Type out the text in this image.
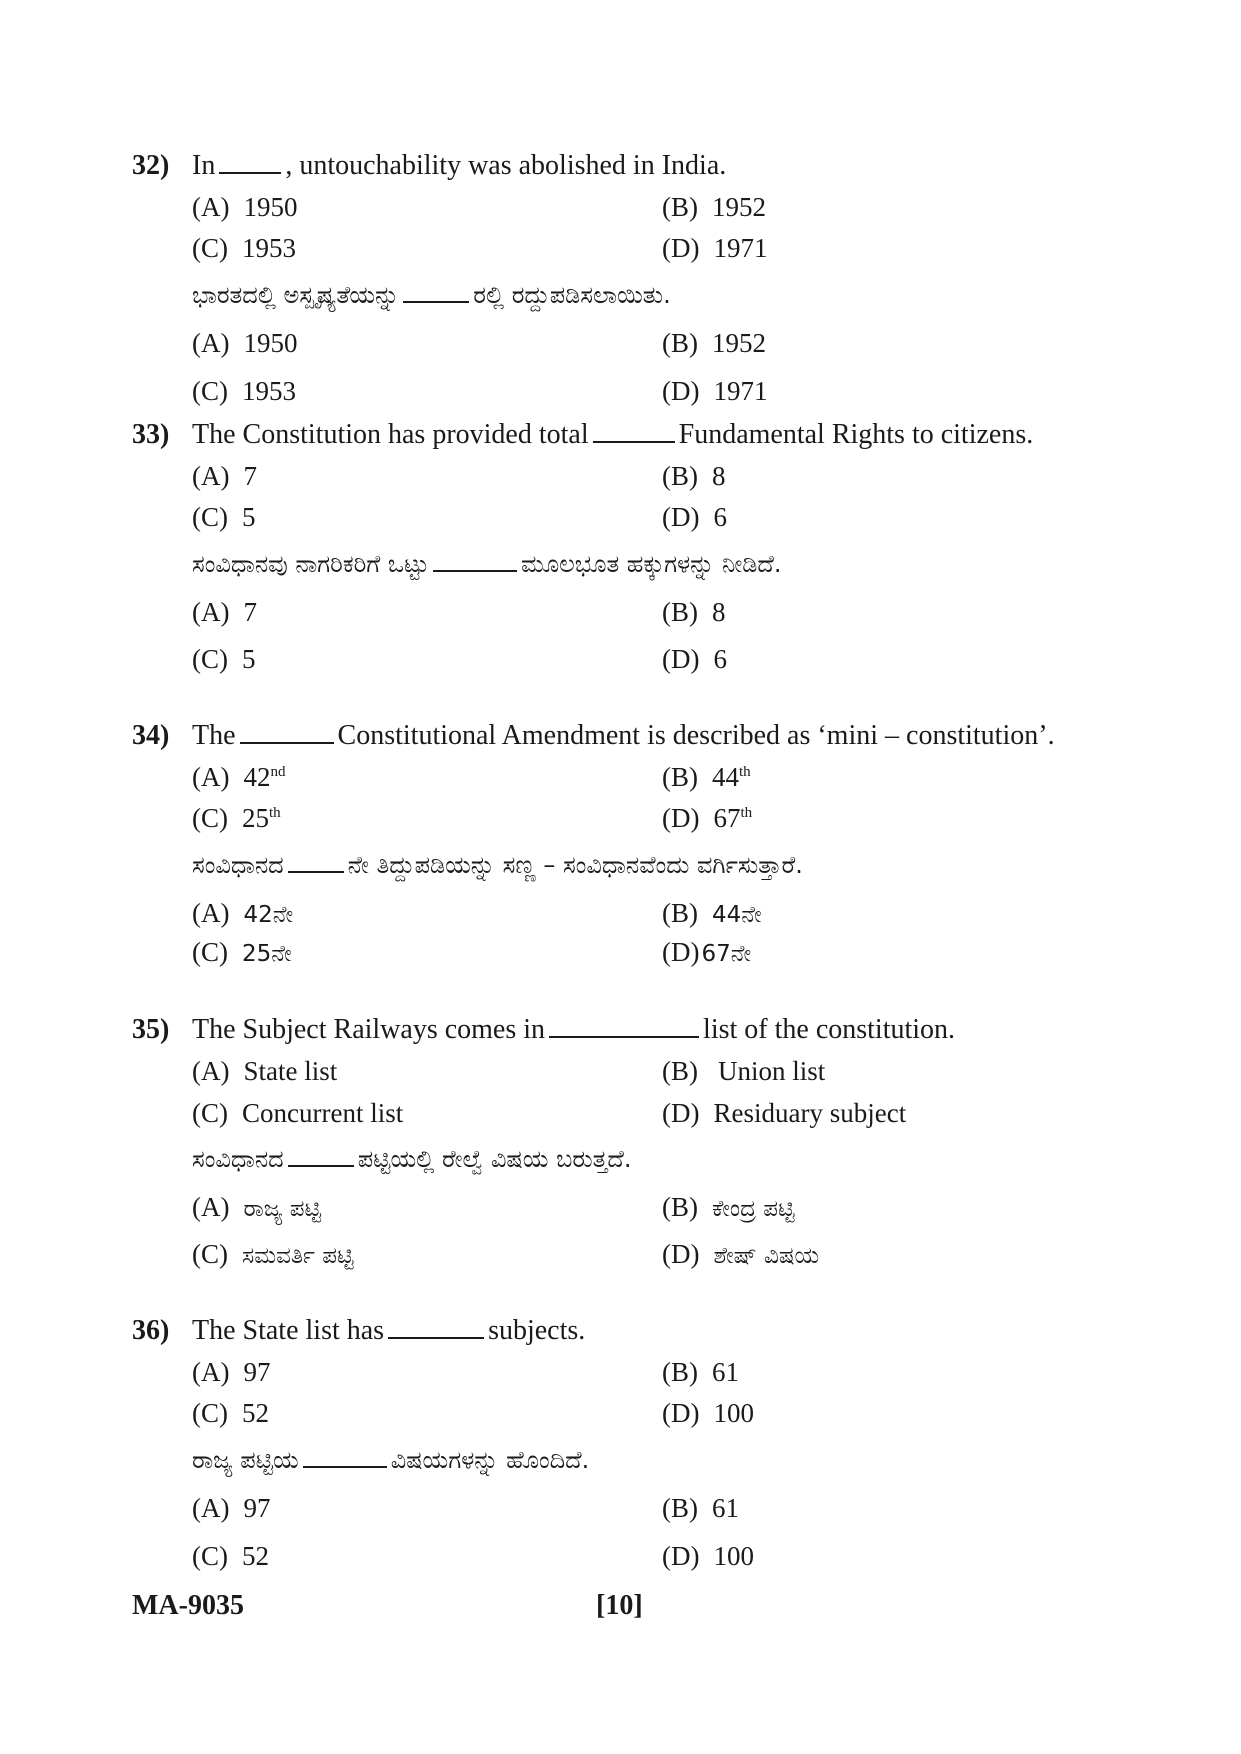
32) In	, untouchability was abolished in India.
(A) 1950	(B) 1952
(C) 1953	(D) 1971
ಭಾರತದಲ್ಲಿ ಅಸ್ಪೃಷ್ಯತೆಯನ್ನು	ರಲ್ಲಿ ರದ್ದುಪಡಿಸಲಾಯಿತು.
(A) 1950	(B) 1952
(C) 1953	(D) 1971
33) The Constitution has provided total	Fundamental Rights to citizens.
(A) 7	(B) 8
(C) 5	(D) 6
ಸಂವಿಧಾನವು ನಾಗರಿಕರಿಗೆ ಒಟ್ಟು	ಮೂಲಭೂತ ಹಕ್ಕುಗಳನ್ನು ನೀಡಿದೆ.
(A) 7	(B) 8
(C) 5	(D) 6
34) The	Constitutional Amendment is described as ‘mini – constitution’.
(A) 42nd	(B) 44th
(C) 25th	(D) 67th
ಸಂವಿಧಾನದ	ನೇ ತಿದ್ದುಪಡಿಯನ್ನು ಸಣ್ಣ – ಸಂವಿಧಾನವೆಂದು ವರ್ಗಿಸುತ್ತಾರೆ.
(A) 42ನೇ	(B) 44ನೇ
(C) 25ನೇ	(D)67ನೇ
35) The Subject Railways comes in	list of the constitution.
(A) State list	(B) Union list
(C) Concurrent list	(D) Residuary subject
ಸಂವಿಧಾನದ	ಪಟ್ಟಿಯಲ್ಲಿ ರೇಲ್ವೆ ವಿಷಯ ಬರುತ್ತದೆ.
(A) ರಾಜ್ಯ ಪಟ್ಟಿ	(B) ಕೇಂದ್ರ ಪಟ್ಟಿ
(C) ಸಮವರ್ತಿ ಪಟ್ಟಿ	(D) ಶೇಷ್ ವಿಷಯ
36) The State list has	subjects.
(A) 97	(B) 61
(C) 52	(D) 100
ರಾಜ್ಯ ಪಟ್ಟಿಯ	ವಿಷಯಗಳನ್ನು ಹೊಂದಿದೆ.
(A) 97	(B) 61
(C) 52	(D) 100
MA-9035	[10]
